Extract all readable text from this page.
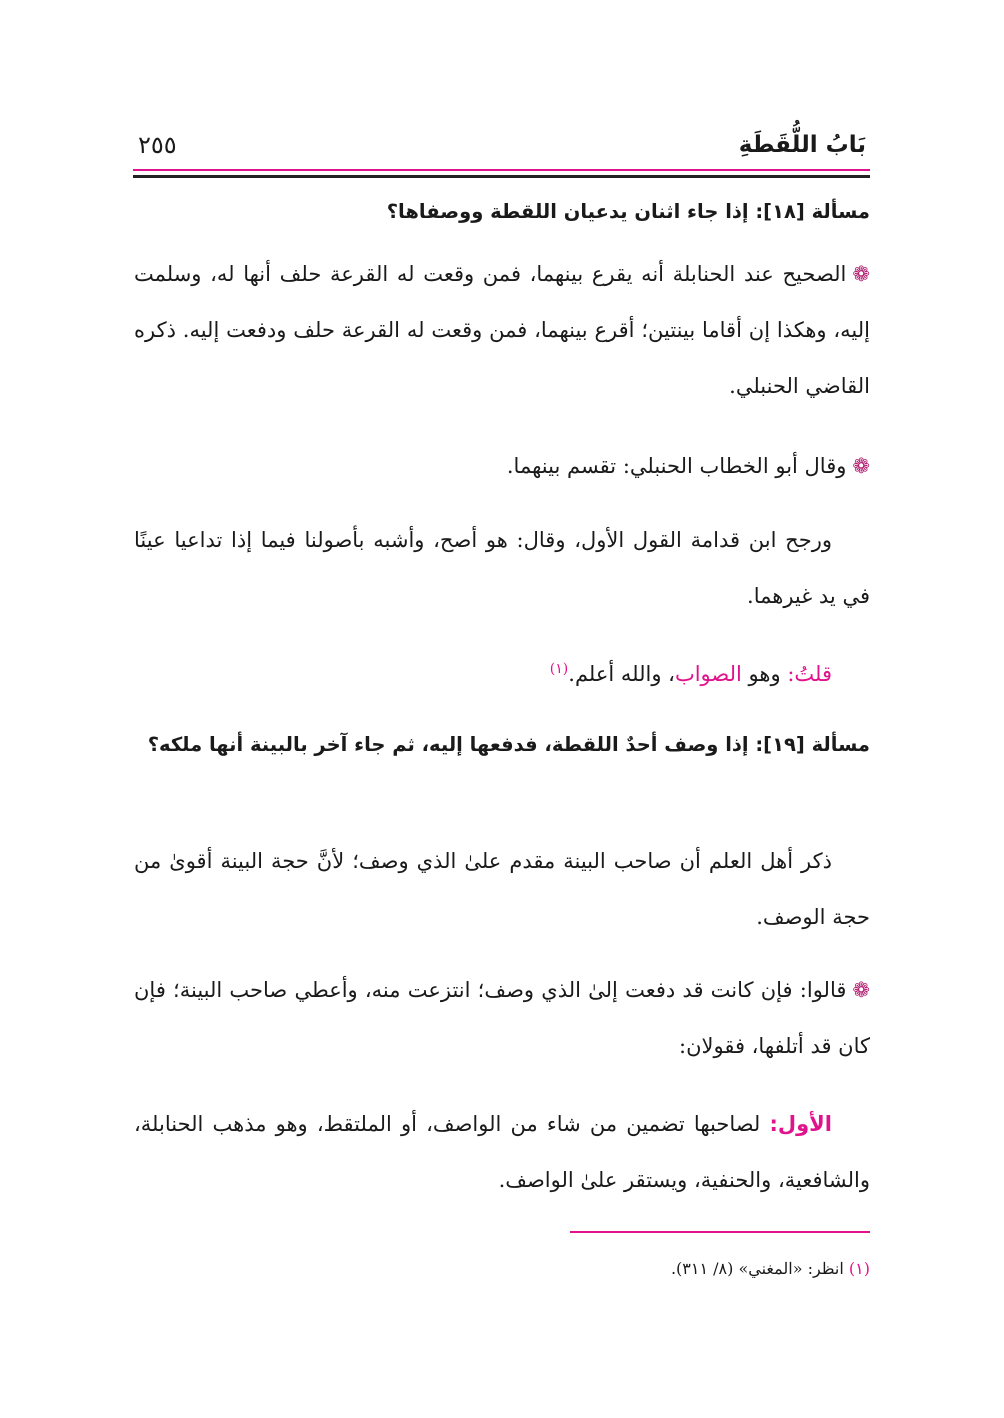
بَابُ اللُّقَطَةِ
٢٥٥
مسألة [١٨]: إذا جاء اثنان يدعيان اللقطة ووصفاها؟
❁الصحيح عند الحنابلة أنه يقرع بينهما، فمن وقعت له القرعة حلف أنها له، وسلمت إليه، وهكذا إن أقاما بينتين؛ أقرع بينهما، فمن وقعت له القرعة حلف ودفعت إليه. ذكره القاضي الحنبلي.
❁وقال أبو الخطاب الحنبلي: تقسم بينهما.
ورجح ابن قدامة القول الأول، وقال: هو أصح، وأشبه بأصولنا فيما إذا تداعيا عينًا في يد غيرهما.
قلتُ: وهو الصواب، والله أعلم.$^{(١)}$
مسألة [١٩]: إذا وصف أحدٌ اللقطة، فدفعها إليه، ثم جاء آخر بالبينة أنها ملكه؟
ذكر أهل العلم أن صاحب البينة مقدم علىٰ الذي وصف؛ لأنَّ حجة البينة أقوىٰ من حجة الوصف.
❁قالوا: فإن كانت قد دفعت إلىٰ الذي وصف؛ انتزعت منه، وأعطي صاحب البينة؛ فإن كان قد أتلفها، فقولان:
الأول: لصاحبها تضمين من شاء من الواصف، أو الملتقط، وهو مذهب الحنابلة، والشافعية، والحنفية، ويستقر علىٰ الواصف.
(١) انظر: «المغني» (٨/ ٣١١).
